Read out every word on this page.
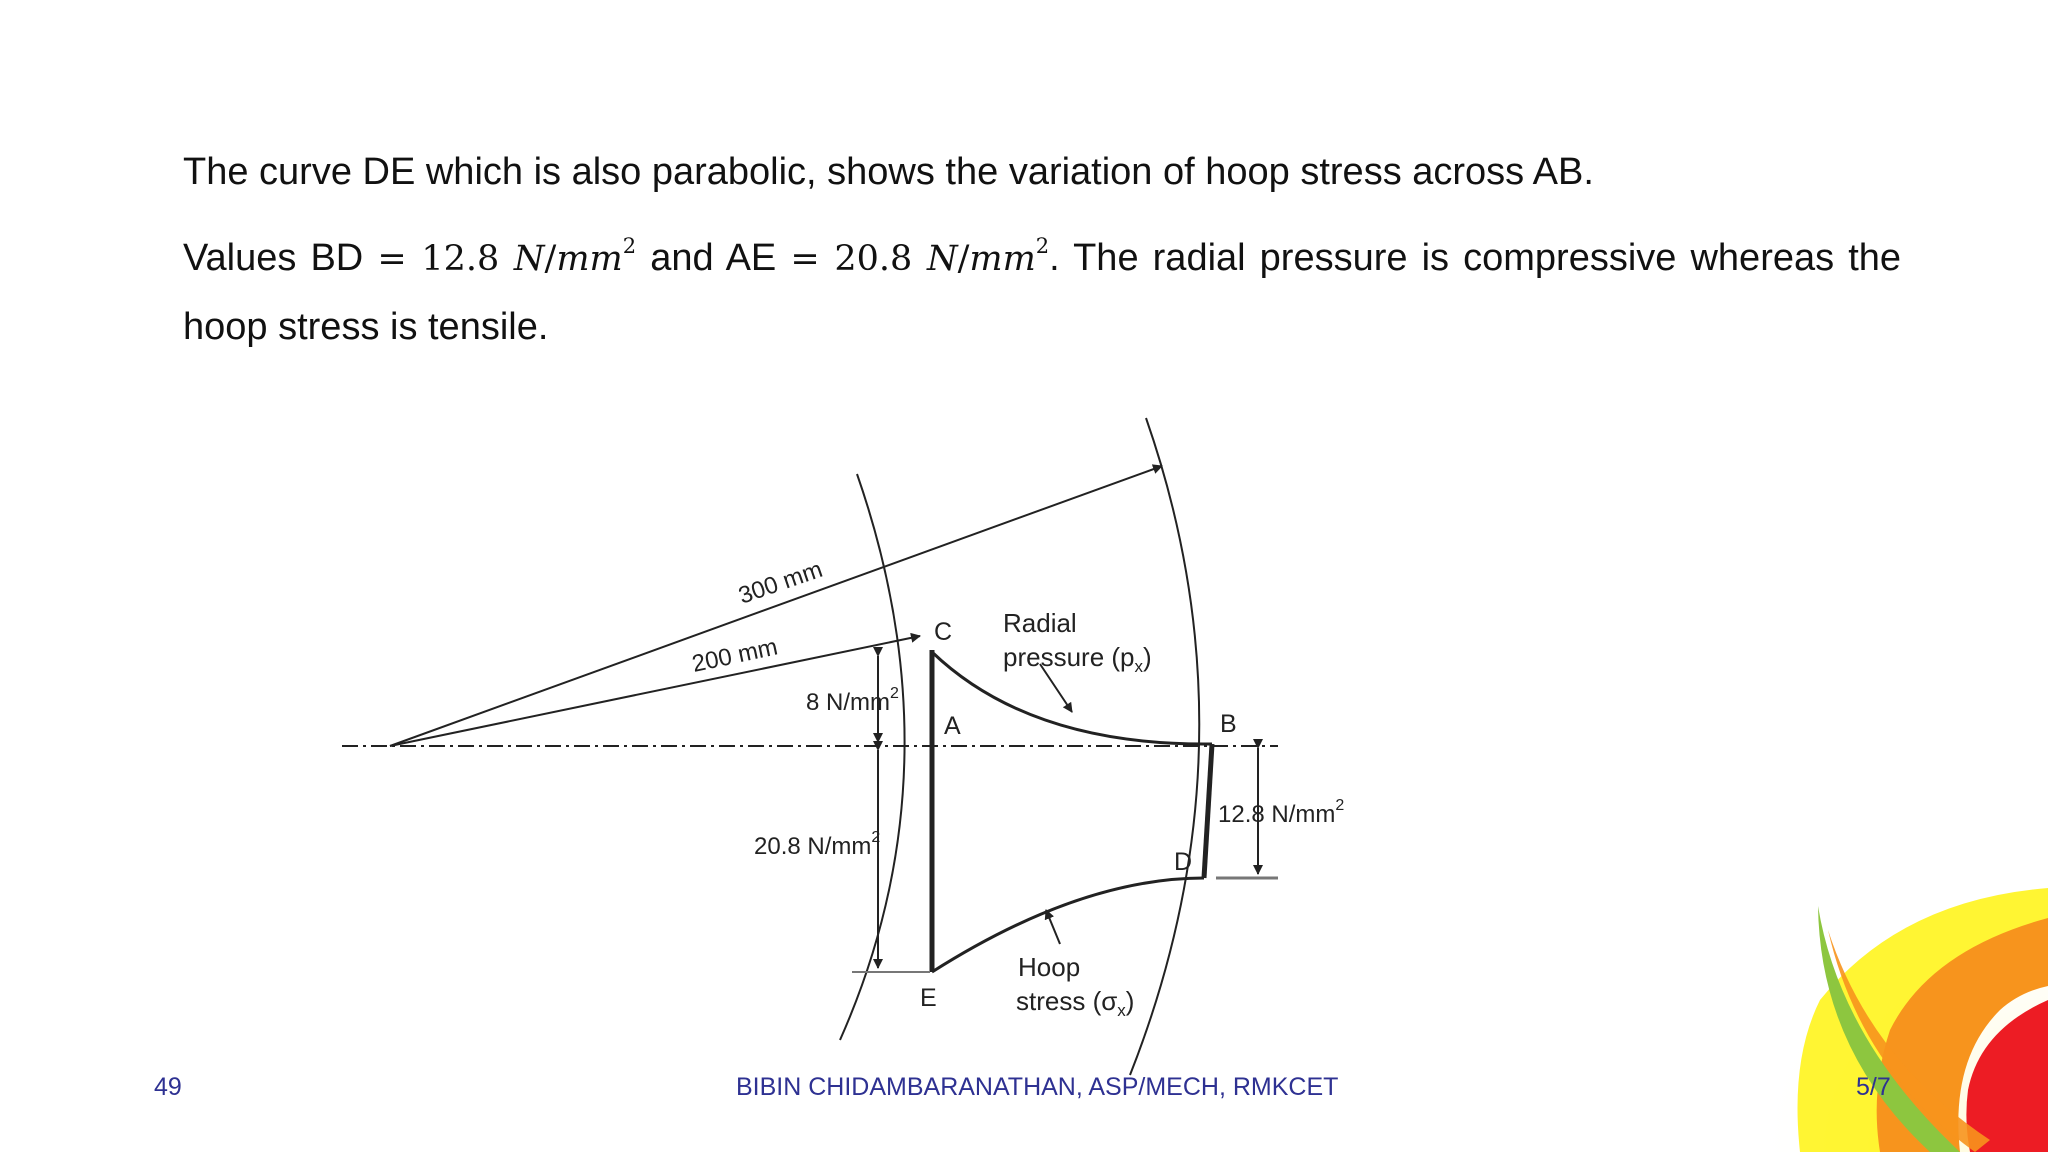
The curve DE which is also parabolic, shows the variation of hoop stress across AB.
Values BD = 12.8 $N/mm^2$ and AE = 20.8 $N/mm^2$. The radial pressure is compressive whereas the hoop stress is tensile.
300 mm
200 mm
C
A	B
D
E
Radial
pressure $(p_x)$
Hoop
stress $(\sigma_x)$
8 $N/mm^2$
20.8 $N/mm^2$
12.8 $N/mm^2$
49	BIBIN CHIDAMBARANATHAN, ASP/MECH, RMKCET	5/7
